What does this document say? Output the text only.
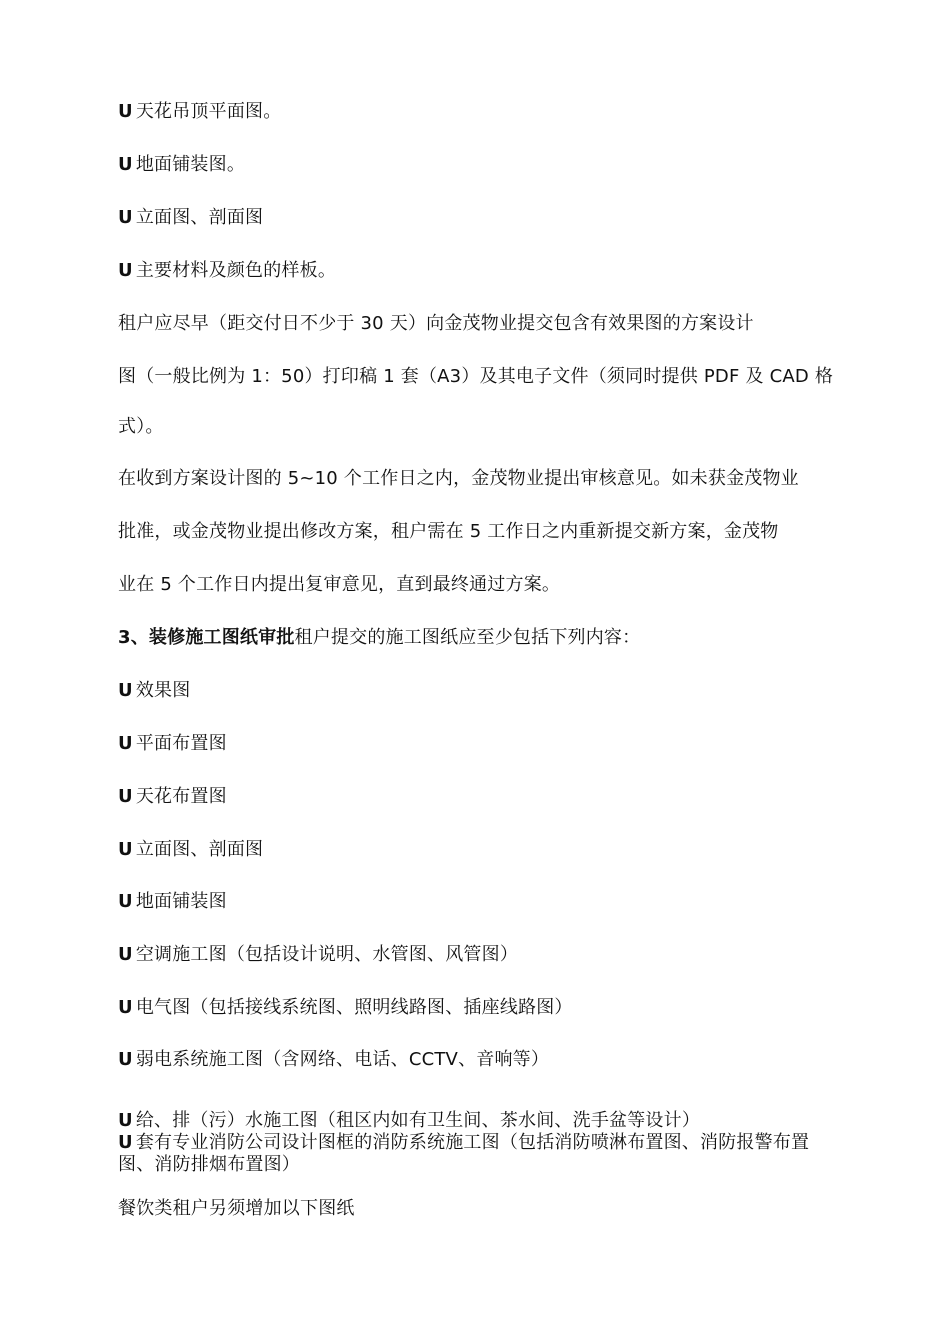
U 天花吊顶平面图。
U 地面铺装图。
U 立面图、剖面图
U 主要材料及颜色的样板。
租户应尽早（距交付日不少于 30 天）向金茂物业提交包含有效果图的方案设计
图（一般比例为 1：50）打印稿 1 套（A3）及其电子文件（须同时提供 PDF 及 CAD 格
式）。
在收到方案设计图的 5~10 个工作日之内，金茂物业提出审核意见。如未获金茂物业
批准，或金茂物业提出修改方案，租户需在 5 工作日之内重新提交新方案，金茂物
业在 5 个工作日内提出复审意见，直到最终通过方案。
3、装修施工图纸审批租户提交的施工图纸应至少包括下列内容：
U 效果图
U 平面布置图
U 天花布置图
U 立面图、剖面图
U 地面铺装图
U 空调施工图（包括设计说明、水管图、风管图）
U 电气图（包括接线系统图、照明线路图、插座线路图）
U 弱电系统施工图（含网络、电话、CCTV、音响等）
U 给、排（污）水施工图（租区内如有卫生间、茶水间、洗手盆等设计）
U 套有专业消防公司设计图框的消防系统施工图（包括消防喷淋布置图、消防报警布置图、消防排烟布置图）
餐饮类租户另须增加以下图纸
